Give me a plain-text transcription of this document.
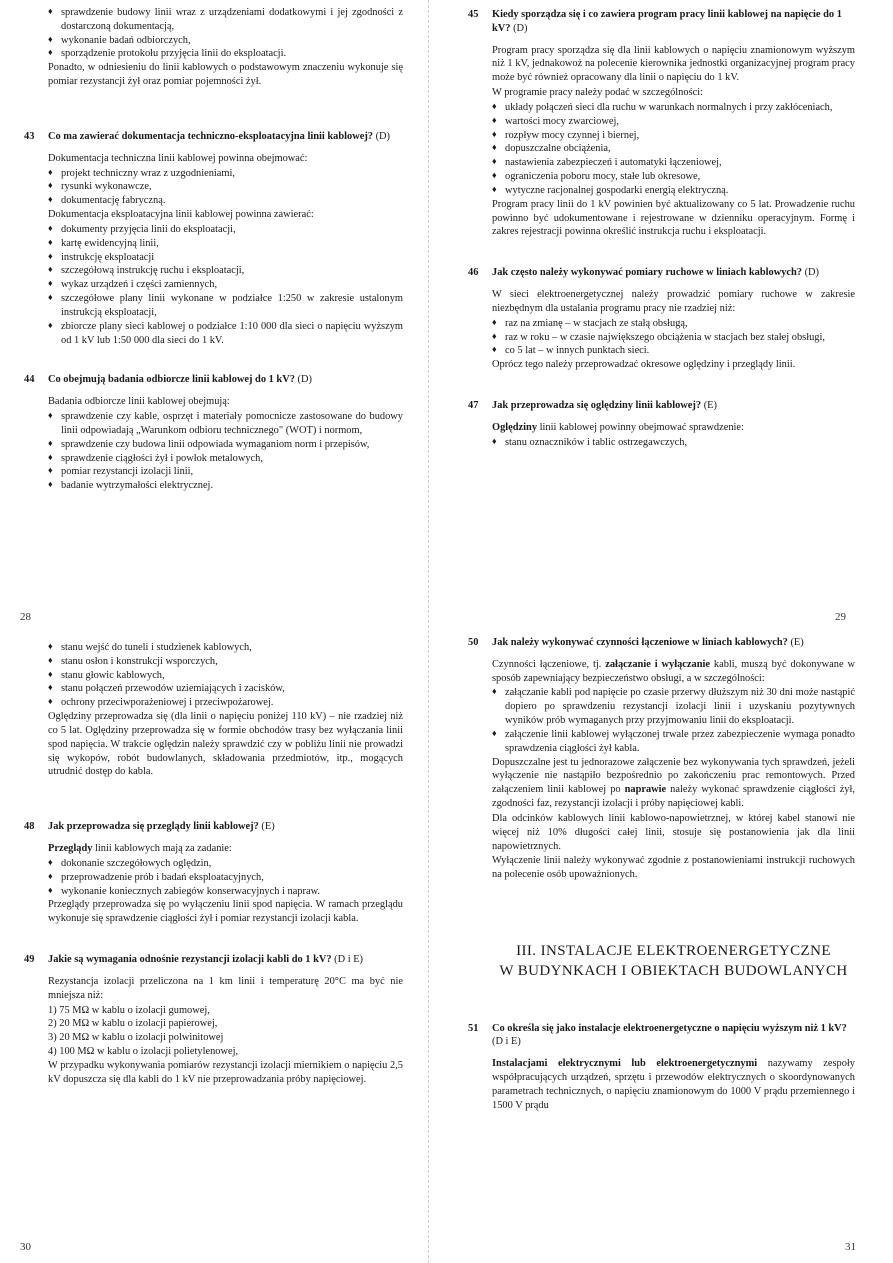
♦ sprawdzenie budowy linii wraz z urządzeniami dodatkowymi i jej zgodności z dostarczoną dokumentacją,
♦ wykonanie badań odbiorczych,
♦ sporządzenie protokołu przyjęcia linii do eksploatacji.

Ponadto, w odniesieniu do linii kablowych o podstawowym znaczeniu wykonuje się pomiar rezystancji żył oraz pomiar pojemności żył.

43 Co ma zawierać dokumentacja techniczno-eksploatacyjna linii kablowej? (D)

Dokumentacja techniczna linii kablowej powinna obejmować:

♦ projekt techniczny wraz z uzgodnieniami,
♦ rysunki wykonawcze,
♦ dokumentację fabryczną.

Dokumentacja eksploatacyjna linii kablowej powinna zawierać:

♦ dokumenty przyjęcia linii do eksploatacji,
♦ kartę ewidencyjną linii,
♦ instrukcję eksploatacji
♦ szczegółową instrukcję ruchu i eksploatacji,
♦ wykaz urządzeń i części zamiennych,
♦ szczegółowe plany linii wykonane w podziałce 1:250 w zakresie ustalonym instrukcją eksploatacji,
♦ zbiorcze plany sieci kablowej o podziałce 1:10 000 dla sieci o napięciu wyższym od 1 kV lub 1:50 000 dla sieci do 1 kV.
44 Co obejmują badania odbiorcze linii kablowej do 1 kV? (D)

Badania odbiorcze linii kablowej obejmują:

♦ sprawdzenie czy kable, osprzęt i materiały pomocnicze zastosowane do budowy linii odpowiadają „Warunkom odbioru technicznego" (WOT) i normom,
♦ sprawdzenie czy budowa linii odpowiada wymaganiom norm i przepisów,
♦ sprawdzenie ciągłości żył i powłok metalowych,
♦ pomiar rezystancji izolacji linii,
♦ badanie wytrzymałości elektrycznej.
28	29
♦ stanu wejść do tuneli i studzienek kablowych,
♦ stanu osłon i konstrukcji wsporczych,
♦ stanu głowic kablowych,
♦ stanu połączeń przewodów uziemiających i zacisków,
♦ ochrony przeciwporażeniowej i przeciwpożarowej.

Oględziny przeprowadza się (dla linii o napięciu poniżej 110 kV) – nie rzadziej niż co 5 lat. Oględziny przeprowadza się w formie obchodów trasy bez wyłączania linii spod napięcia. W trakcie oględzin należy sprawdzić czy w pobliżu linii nie prowadzi się wykopów, robót budowlanych, składowania przedmiotów, itp., mogących utrudnić dostęp do kabla.

48 Jak przeprowadza się przeglądy linii kablowej? (E)

Przeglądy linii kablowych mają za zadanie:

♦ dokonanie szczegółowych oględzin,
♦ przeprowadzenie prób i badań eksploatacyjnych,
♦ wykonanie koniecznych zabiegów konserwacyjnych i napraw.

Przeglądy przeprowadza się po wyłączeniu linii spod napięcia. W ramach przeglądu wykonuje się sprawdzenie ciągłości żył i pomiar rezystancji izolacji kabla.

49 Jakie są wymagania odnośnie rezystancji izolacji kabli do 1 kV? (D i E)

Rezystancja izolacji przeliczona na 1 km linii i temperaturę 20°C ma być nie mniejsza niż:

1) 75 MΩ w kablu o izolacji gumowej,
2) 20 MΩ w kablu o izolacji papierowej,
3) 20 MΩ w kablu o izolacji polwinitowej
4) 100 MΩ w kablu o izolacji polietylenowej,

W przypadku wykonywania pomiarów rezystancji izolacji miernikiem o napięciu 2,5 kV dopuszcza się dla kabli do 1 kV nie przeprowadzania próby napięciowej.

30	31
45 Kiedy sporządza się i co zawiera program pracy linii kablowej na napięcie do 1 kV? (D)

Program pracy sporządza się dla linii kablowych o napięciu znamionowym wyższym niż 1 kV, jednakowoż na polecenie kierownika jednostki organizacyjnej program pracy może być również opracowany dla linii o napięciu do 1 kV.

W programie pracy należy podać w szczególności:

♦ układy połączeń sieci dla ruchu w warunkach normalnych i przy zakłóceniach,
♦ wartości mocy zwarciowej,
♦ rozpływ mocy czynnej i biernej,
♦ dopuszczalne obciążenia,
♦ nastawienia zabezpieczeń i automatyki łączeniowej,
♦ ograniczenia poboru mocy, stałe lub okresowe,
♦ wytyczne racjonalnej gospodarki energią elektryczną.

Program pracy linii do 1 kV powinien być aktualizowany co 5 lat. Prowadzenie ruchu powinno być udokumentowane i rejestrowane w dzienniku operacyjnym. Formę i zakres rejestracji powinna określić instrukcja ruchu i eksploatacji.

46 Jak często należy wykonywać pomiary ruchowe w liniach kablowych? (D)

W sieci elektroenergetycznej należy prowadzić pomiary ruchowe w zakresie niezbędnym dla ustalania programu pracy nie rzadziej niż:

♦ raz na zmianę – w stacjach ze stałą obsługą,
♦ raz w roku – w czasie największego obciążenia w stacjach bez stałej obsługi,
♦ co 5 lat – w innych punktach sieci.

Oprócz tego należy przeprowadzać okresowe oględziny i przeglądy linii.

47 Jak przeprowadza się oględziny linii kablowej? (E)

Oględziny linii kablowej powinny obejmować sprawdzenie:

♦ stanu oznaczników i tablic ostrzegawczych,
50 Jak należy wykonywać czynności łączeniowe w liniach kablowych? (E)

Czynności łączeniowe, tj. załączanie i wyłączanie kabli, muszą być dokonywane w sposób zapewniający bezpieczeństwo obsługi, a w szczególności:

♦ załączanie kabli pod napięcie po czasie przerwy dłuższym niż 30 dni może nastąpić dopiero po sprawdzeniu rezystancji izolacji linii i uzyskaniu pozytywnych wyników prób wymaganych przy przyjmowaniu linii do eksploatacji.
♦ załączenie linii kablowej wyłączonej trwale przez zabezpieczenie wymaga ponadto sprawdzenia ciągłości żył kabla.

Dopuszczalne jest tu jednorazowe załączenie bez wykonywania tych sprawdzeń, jeżeli wyłączenie nie nastąpiło bezpośrednio po zakończeniu prac remontowych. Przed załączeniem linii kablowej po naprawie należy wykonać sprawdzenie ciągłości żył, zgodności faz, rezystancji izolacji i próby napięciowej kabli.

Dla odcinków kablowych linii kablowo-napowietrznej, w której kabel stanowi nie więcej niż 10% długości całej linii, stosuje się postanowienia jak dla linii napowietrznych.

Wyłączenie linii należy wykonywać zgodnie z postanowieniami instrukcji ruchowych na polecenie osób upoważnionych.

III. INSTALACJE ELEKTROENERGETYCZNE

W BUDYNKACH I OBIEKTACH BUDOWLANYCH

51 Co określa się jako instalacje elektroenergetyczne o napięciu wyższym niż 1 kV? (D i E)

Instalacjami elektrycznymi lub elektroenergetycznymi nazywamy zespoły współpracujących urządzeń, sprzętu i przewodów elektrycznych o skoordynowanych parametrach technicznych, o napięciu znamionowym do 1000 V prądu przemiennego i 1500 V prądu
